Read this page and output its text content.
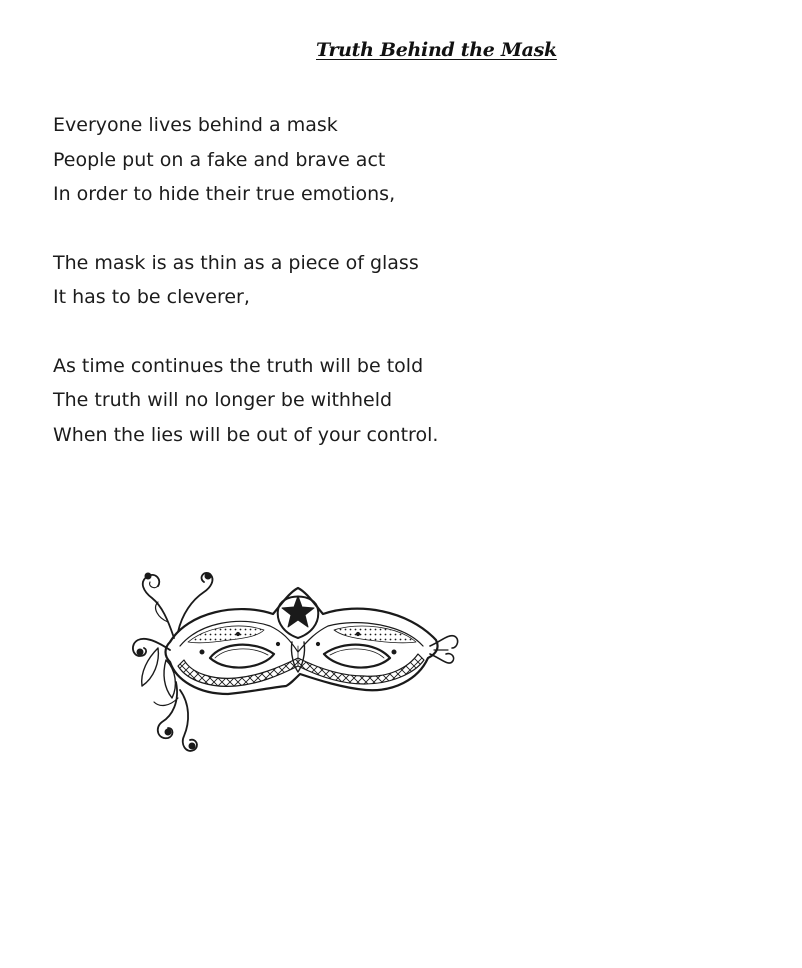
Truth Behind the Mask
Everyone lives behind a mask
People put on a fake and brave act
In order to hide their true emotions,
The mask is as thin as a piece of glass
It has to be cleverer,
As time continues the truth will be told
The truth will no longer be withheld
When the lies will be out of your control.
